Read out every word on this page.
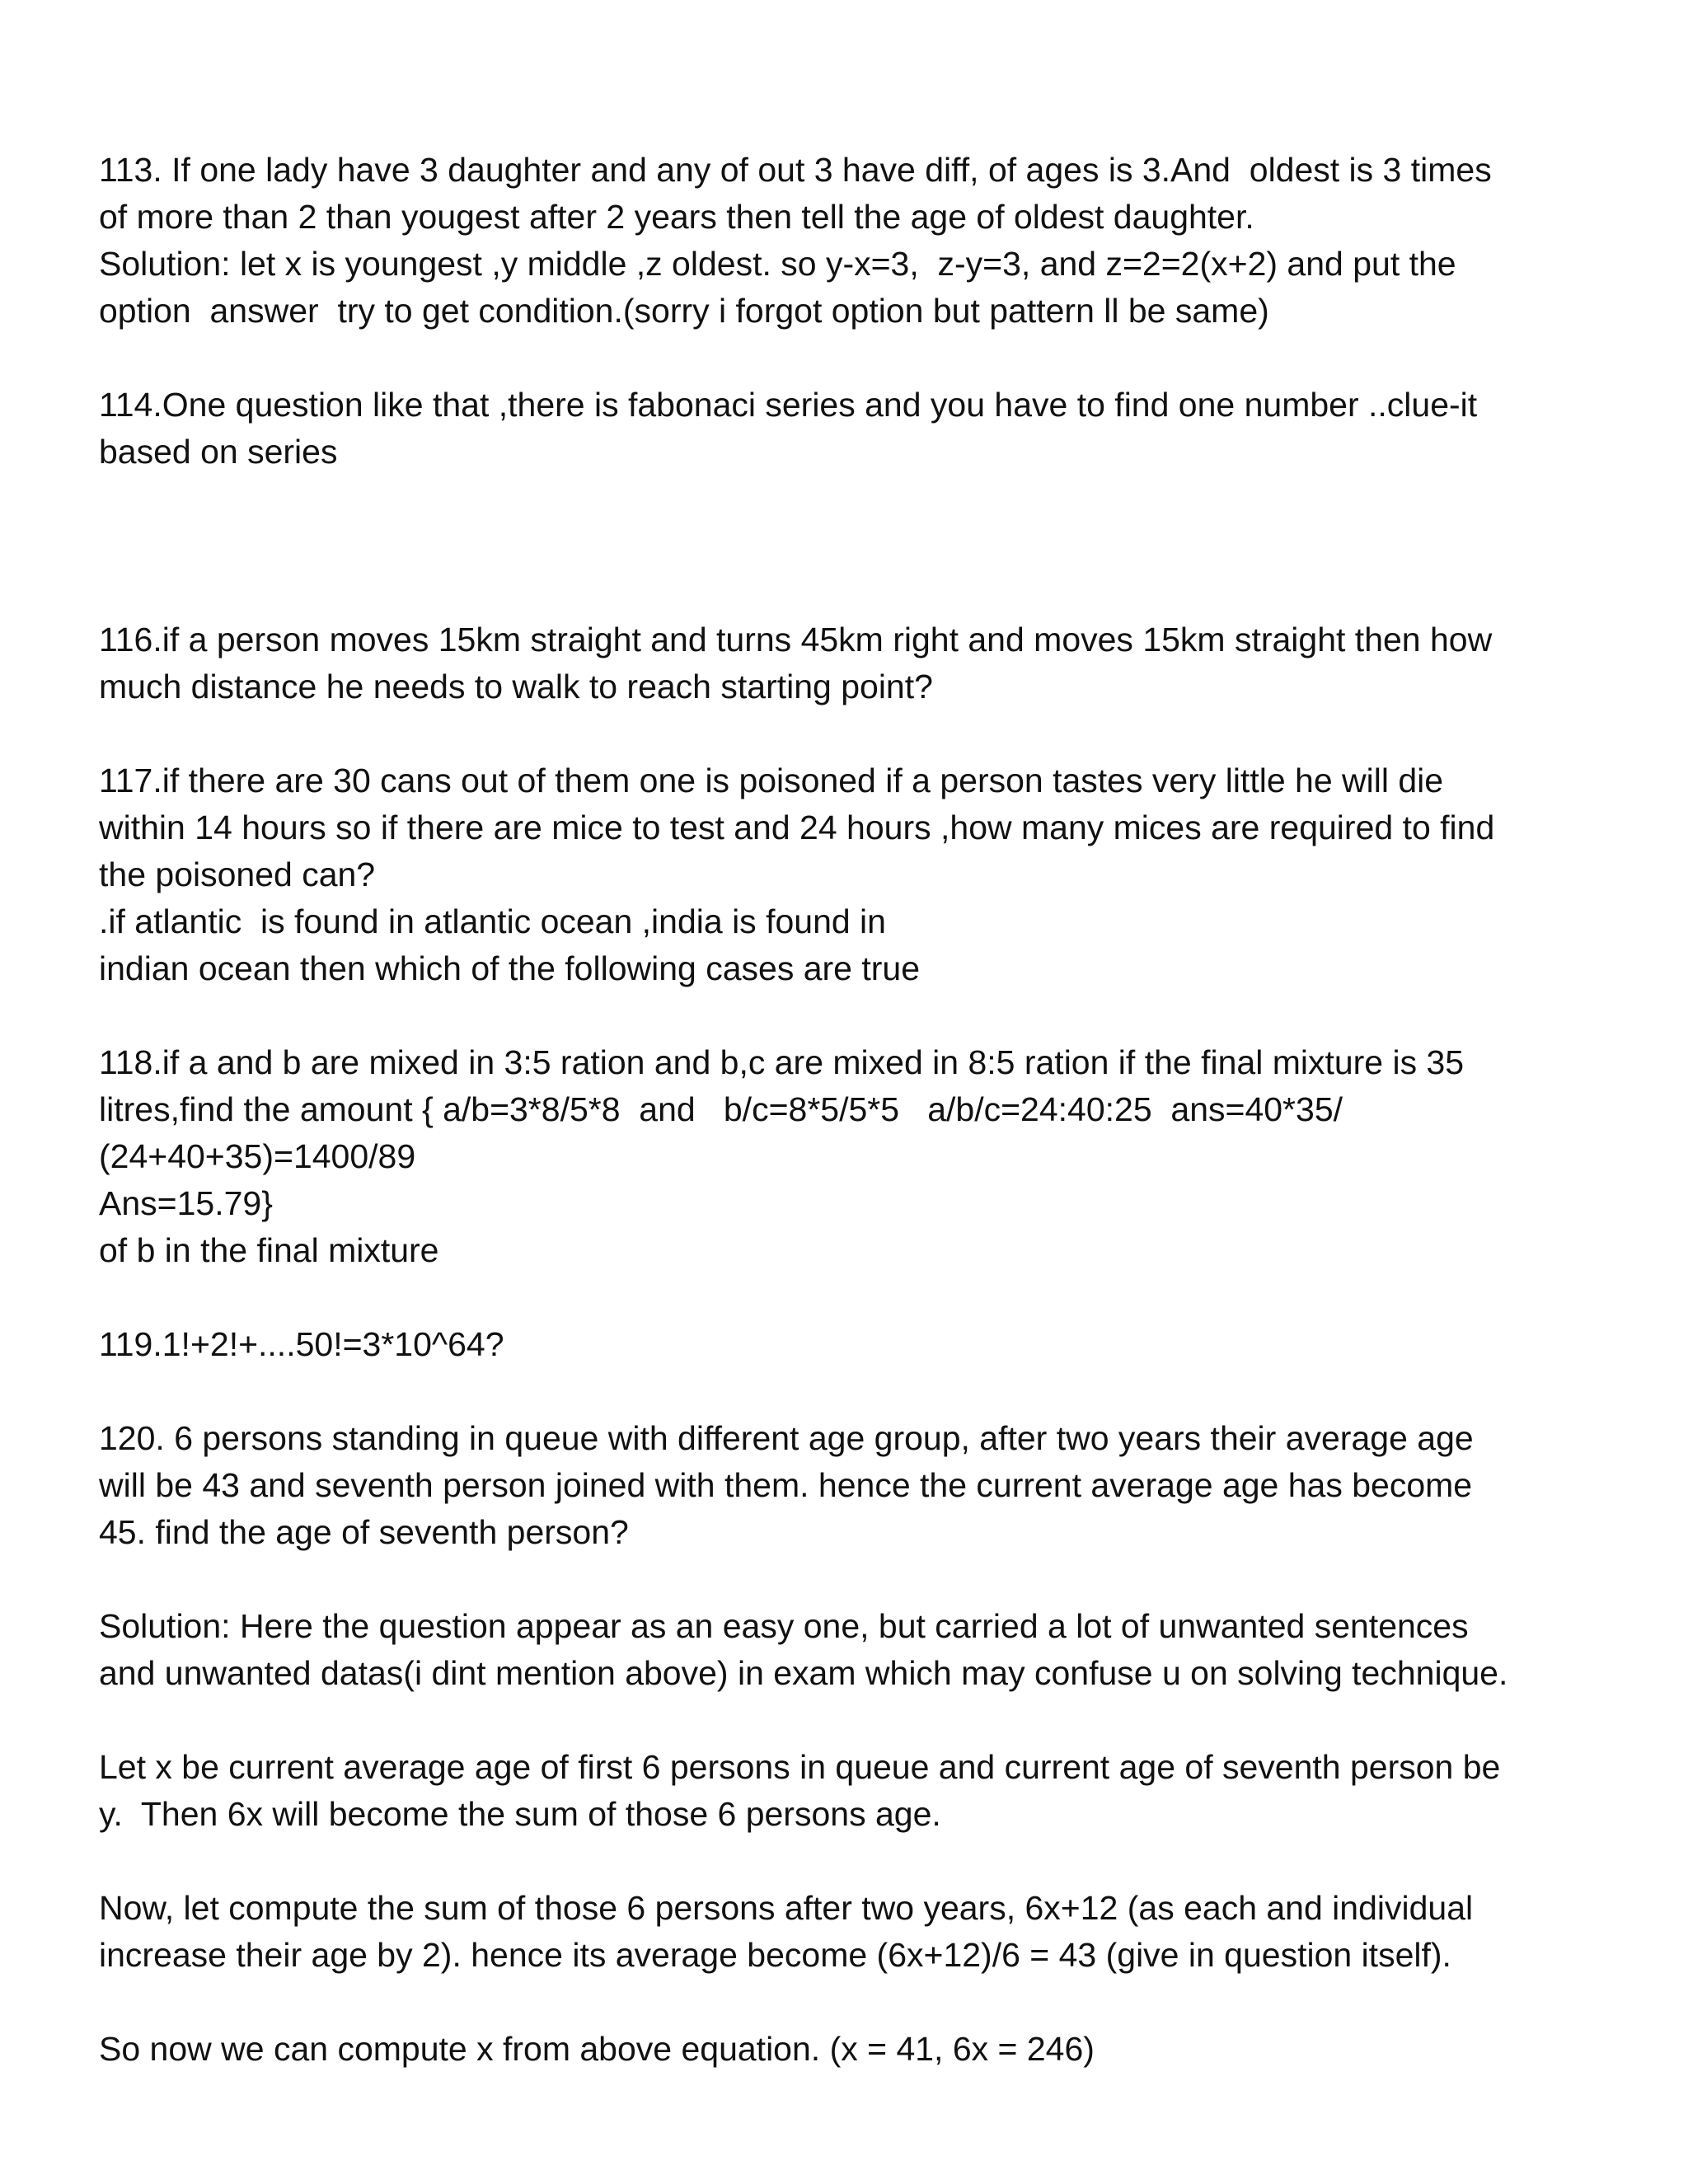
113. If one lady have 3 daughter and any of out 3 have diff, of ages is 3.And  oldest is 3 times
of more than 2 than yougest after 2 years then tell the age of oldest daughter.
Solution: let x is youngest ,y middle ,z oldest. so y-x=3,  z-y=3, and z=2=2(x+2) and put the
option  answer  try to get condition.(sorry i forgot option but pattern ll be same)
114.One question like that ,there is fabonaci series and you have to find one number ..clue-it
based on series
116.if a person moves 15km straight and turns 45km right and moves 15km straight then how
much distance he needs to walk to reach starting point?
117.if there are 30 cans out of them one is poisoned if a person tastes very little he will die
within 14 hours so if there are mice to test and 24 hours ,how many mices are required to find
the poisoned can?
.if atlantic  is found in atlantic ocean ,india is found in
indian ocean then which of the following cases are true
118.if a and b are mixed in 3:5 ration and b,c are mixed in 8:5 ration if the final mixture is 35
litres,find the amount { a/b=3*8/5*8  and   b/c=8*5/5*5   a/b/c=24:40:25  ans=40*35/
(24+40+35)=1400/89
Ans=15.79}
of b in the final mixture
119.1!+2!+....50!=3*10^64?
120. 6 persons standing in queue with different age group, after two years their average age
will be 43 and seventh person joined with them. hence the current average age has become
45. find the age of seventh person?
Solution: Here the question appear as an easy one, but carried a lot of unwanted sentences
and unwanted datas(i dint mention above) in exam which may confuse u on solving technique.
Let x be current average age of first 6 persons in queue and current age of seventh person be
y.  Then 6x will become the sum of those 6 persons age.
Now, let compute the sum of those 6 persons after two years, 6x+12 (as each and individual
increase their age by 2). hence its average become (6x+12)/6 = 43 (give in question itself).
So now we can compute x from above equation. (x = 41, 6x = 246)
